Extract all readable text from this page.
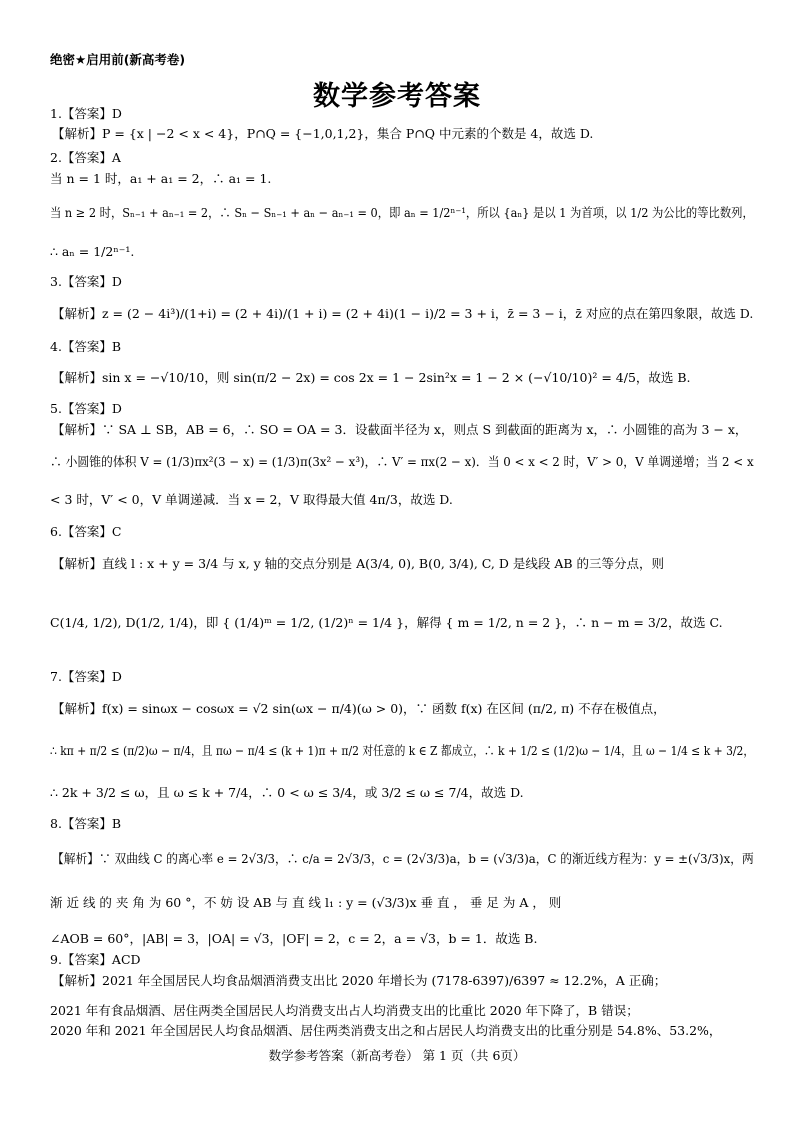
绝密★启用前(新高考卷)
数学参考答案
1.【答案】D
【解析】P = {x | −2 < x < 4}，P∩Q = {−1,0,1,2}，集合 P∩Q 中元素的个数是 4，故选 D.
2.【答案】A
当 n = 1 时，a₁ + a₁ = 2，∴ a₁ = 1.
当 n ≥ 2 时，Sₙ₋₁ + aₙ₋₁ = 2，∴ Sₙ − Sₙ₋₁ + aₙ − aₙ₋₁ = 0，即 aₙ = 1/2ⁿ⁻¹，所以 {aₙ} 是以 1 为首项，以 1/2 为公比的等比数列，
∴ aₙ = 1/2ⁿ⁻¹.
3.【答案】D
【解析】z = (2 − 4i³)/(1+i) = (2 + 4i)/(1 + i) = (2 + 4i)(1 − i)/2 = 3 + i，z̄ = 3 − i，z̄ 对应的点在第四象限，故选 D.
4.【答案】B
【解析】sin x = −√10/10，则 sin(π/2 − 2x) = cos 2x = 1 − 2sin²x = 1 − 2 × (−√10/10)² = 4/5，故选 B.
5.【答案】D
【解析】∵ SA ⊥ SB，AB = 6，∴ SO = OA = 3．设截面半径为 x，则点 S 到截面的距离为 x，∴ 小圆锥的高为 3 − x，
∴ 小圆锥的体积 V = (1/3)πx²(3 − x) = (1/3)π(3x² − x³)，∴ V′ = πx(2 − x)．当 0 < x < 2 时，V′ > 0，V 单调递增；当 2 < x
< 3 时，V′ < 0，V 单调递减．当 x = 2，V 取得最大值 4π/3，故选 D.
6.【答案】C
【解析】直线 l : x + y = 3/4 与 x, y 轴的交点分别是 A(3/4, 0), B(0, 3/4), C, D 是线段 AB 的三等分点，则
C(1/4, 1/2), D(1/2, 1/4)，即 { (1/4)ᵐ = 1/2, (1/2)ⁿ = 1/4 }，解得 { m = 1/2, n = 2 }，∴ n − m = 3/2，故选 C.
7.【答案】D
【解析】f(x) = sinωx − cosωx = √2 sin(ωx − π/4)(ω > 0)，∵ 函数 f(x) 在区间 (π/2, π) 不存在极值点，
∴ kπ + π/2 ≤ (π/2)ω − π/4，且 πω − π/4 ≤ (k + 1)π + π/2 对任意的 k ∈ Z 都成立，∴ k + 1/2 ≤ (1/2)ω − 1/4，且 ω − 1/4 ≤ k + 3/2，
∴ 2k + 3/2 ≤ ω，且 ω ≤ k + 7/4，∴ 0 < ω ≤ 3/4，或 3/2 ≤ ω ≤ 7/4，故选 D.
8.【答案】B
【解析】∵ 双曲线 C 的离心率 e = 2√3/3，∴ c/a = 2√3/3，c = (2√3/3)a，b = (√3/3)a，C 的渐近线方程为：y = ±(√3/3)x，两
渐 近 线 的 夹 角 为 60 °，不 妨 设 AB 与 直 线 l₁ : y = (√3/3)x 垂 直 ， 垂 足 为 A ， 则
∠AOB = 60°，|AB| = 3，|OA| = √3，|OF| = 2，c = 2，a = √3，b = 1．故选 B.
9.【答案】ACD
【解析】2021 年全国居民人均食品烟酒消费支出比 2020 年增长为 (7178-6397)/6397 ≈ 12.2%，A 正确；
2021 年有食品烟酒、居住两类全国居民人均消费支出占人均消费支出的比重比 2020 年下降了，B 错误；
2020 年和 2021 年全国居民人均食品烟酒、居住两类消费支出之和占居民人均消费支出的比重分别是 54.8%、53.2%，
数学参考答案（新高考卷） 第 1 页（共 6页）
